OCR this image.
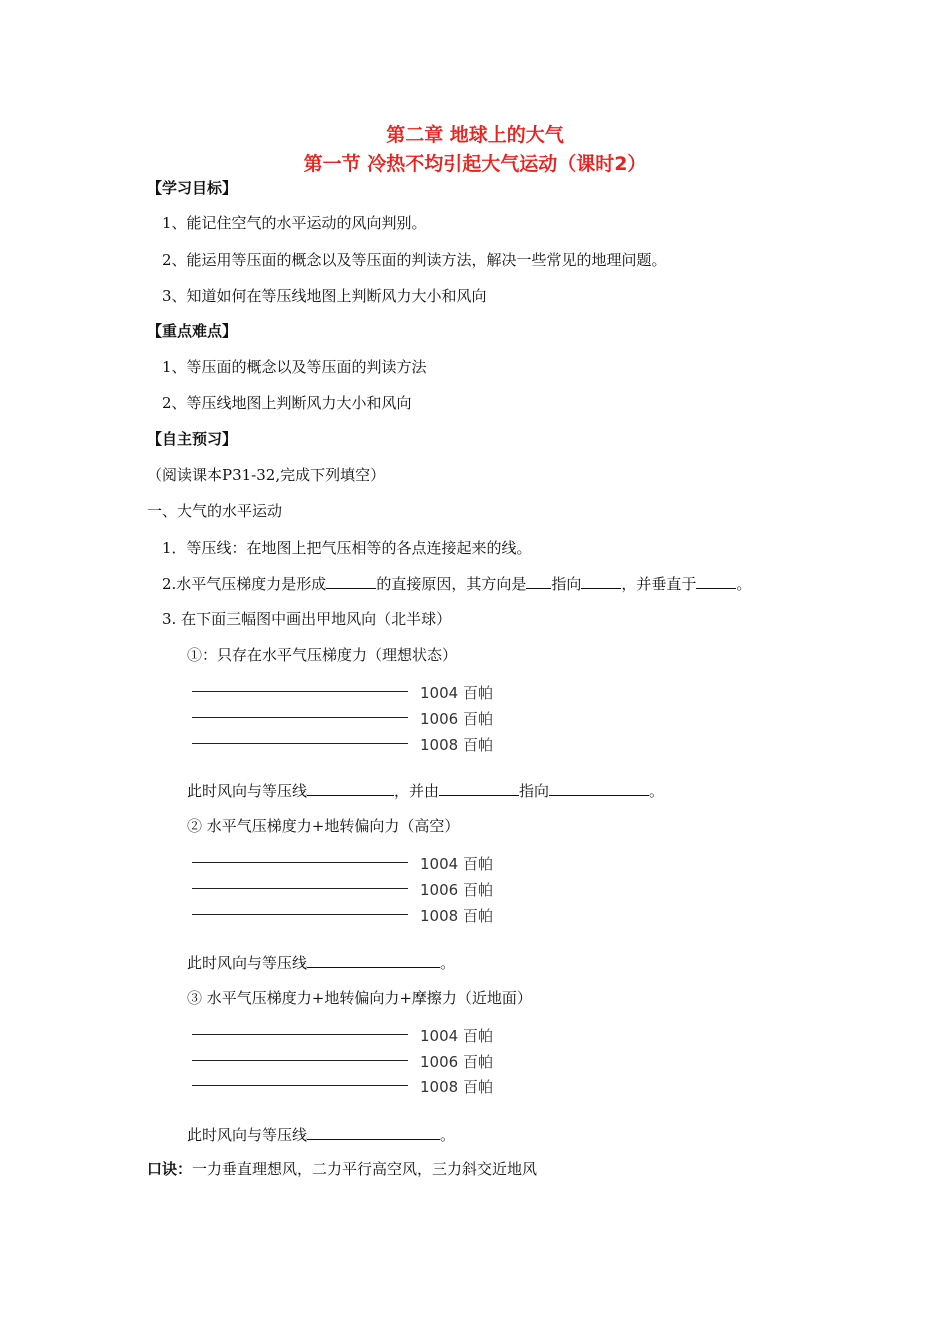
第二章 地球上的大气
第一节 冷热不均引起大气运动（课时2）
【学习目标】
1、能记住空气的水平运动的风向判别。
2、能运用等压面的概念以及等压面的判读方法，解决一些常见的地理问题。
3、知道如何在等压线地图上判断风力大小和风向
【重点难点】
1、等压面的概念以及等压面的判读方法
2、等压线地图上判断风力大小和风向
【自主预习】
（阅读课本P31-32,完成下列填空）
一、大气的水平运动
1．等压线：在地图上把气压相等的各点连接起来的线。
2.水平气压梯度力是形成	的直接原因，其方向是 指向	，并垂直于	。
3. 在下面三幅图中画出甲地风向（北半球）
①：只存在水平气压梯度力（理想状态）
1004 百帕
1006 百帕
1008 百帕
此时风向与等压线	，并由	指向	。
② 水平气压梯度力+地转偏向力（高空）
1004 百帕
1006 百帕
1008 百帕
此时风向与等压线	。
③ 水平气压梯度力+地转偏向力+摩擦力（近地面）
1004 百帕
1006 百帕
1008 百帕
此时风向与等压线	。
口诀：一力垂直理想风，二力平行高空风，三力斜交近地风
